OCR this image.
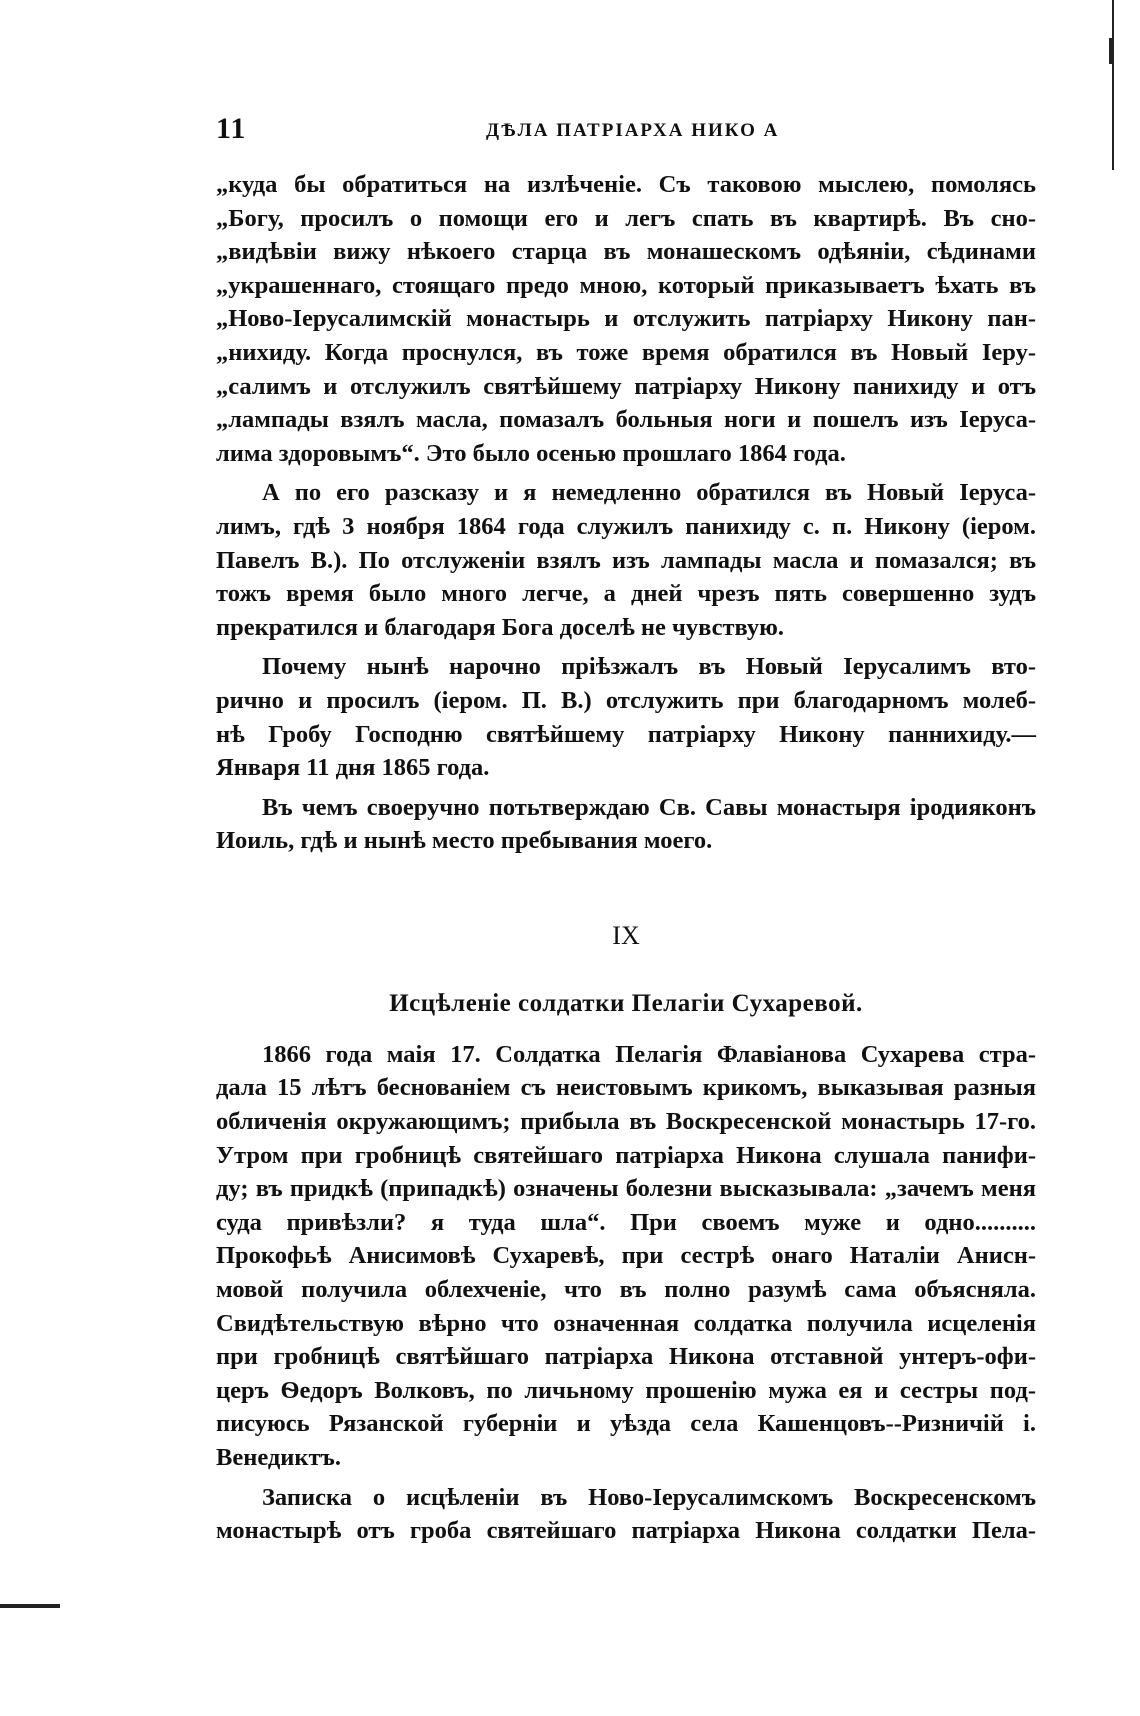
11	ДѢЛА ПАТРІАРХА НИКО А
„куда бы обратиться на излѣченіе. Съ таковою мыслею, помолясь
„Богу, просилъ о помощи его и легъ спать въ квартирѣ. Въ сно-
„видѣвіи вижу нѣкоего старца въ монашескомъ одѣяніи, сѣдинами
„украшеннаго, стоящаго предо мною, который приказываетъ ѣхать въ
„Ново-Іерусалимскій монастырь и отслужить патріарху Никону пан-
„нихиду. Когда проснулся, въ тоже время обратился въ Новый Іеру-
„салимъ и отслужилъ святѣйшему патріарху Никону панихиду и отъ
„лампады взялъ масла, помазалъ больныя ноги и пошелъ изъ Іеруса-
лима здоровымъ“. Это было осенью прошлаго 1864 года.
А по его разсказу и я немедленно обратился въ Новый Іеруса-
лимъ, гдѣ 3 ноября 1864 года служилъ панихиду с. п. Никону (іером.
Павелъ В.). По отслуженіи взялъ изъ лампады масла и помазался; въ
тожъ время было много легче, а дней чрезъ пять совершенно зудъ
прекратился и благодаря Бога доселѣ не чувствую.
Почему нынѣ нарочно пріѣзжалъ въ Новый Іерусалимъ вто-
рично и просилъ (іером. П. В.) отслужить при благодарномъ молеб-
нѣ Гробу Господню святѣйшему патріарху Никону паннихиду.—
Января 11 дня 1865 года.
Въ чемъ своеручно потьтверждаю Св. Савы монастыря іродияконъ
Иоиль, гдѣ и нынѣ место пребывания моего.
IX
Исцѣленіе солдатки Пелагіи Сухаревой.
1866 года маія 17. Солдатка Пелагія Флавіанова Сухарева стра-
дала 15 лѣтъ беснованіем съ неистовымъ крикомъ, выказывая разныя
обличенія окружающимъ; прибыла въ Воскресенской монастырь 17-го.
Утром при гробницѣ святейшаго патріарха Никона слушала панифи-
ду; въ придкѣ (припадкѣ) означены болезни высказывала: „зачемъ меня
суда привѣзли? я туда шла“. При своемъ муже и одно..........
Прокофьѣ Анисимовѣ Сухаревѣ, при сестрѣ онаго Наталіи Анисн-
мовой получила облехченіе, что въ полно разумѣ сама объясняла.
Свидѣтельствую вѣрно что означенная солдатка получила исцеленія
при гробницѣ святѣйшаго патріарха Никона отставной унтеръ-офи-
церъ Ѳедоръ Волковъ, по личьному прошенію мужа ея и сестры под-
писуюсь Рязанской губерніи и уѣзда села Кашенцовъ--Ризничій і.
Венедиктъ.
Записка о исцѣленіи въ Ново-Іерусалимскомъ Воскресенскомъ
монастырѣ отъ гроба святейшаго патріарха Никона солдатки Пела-
